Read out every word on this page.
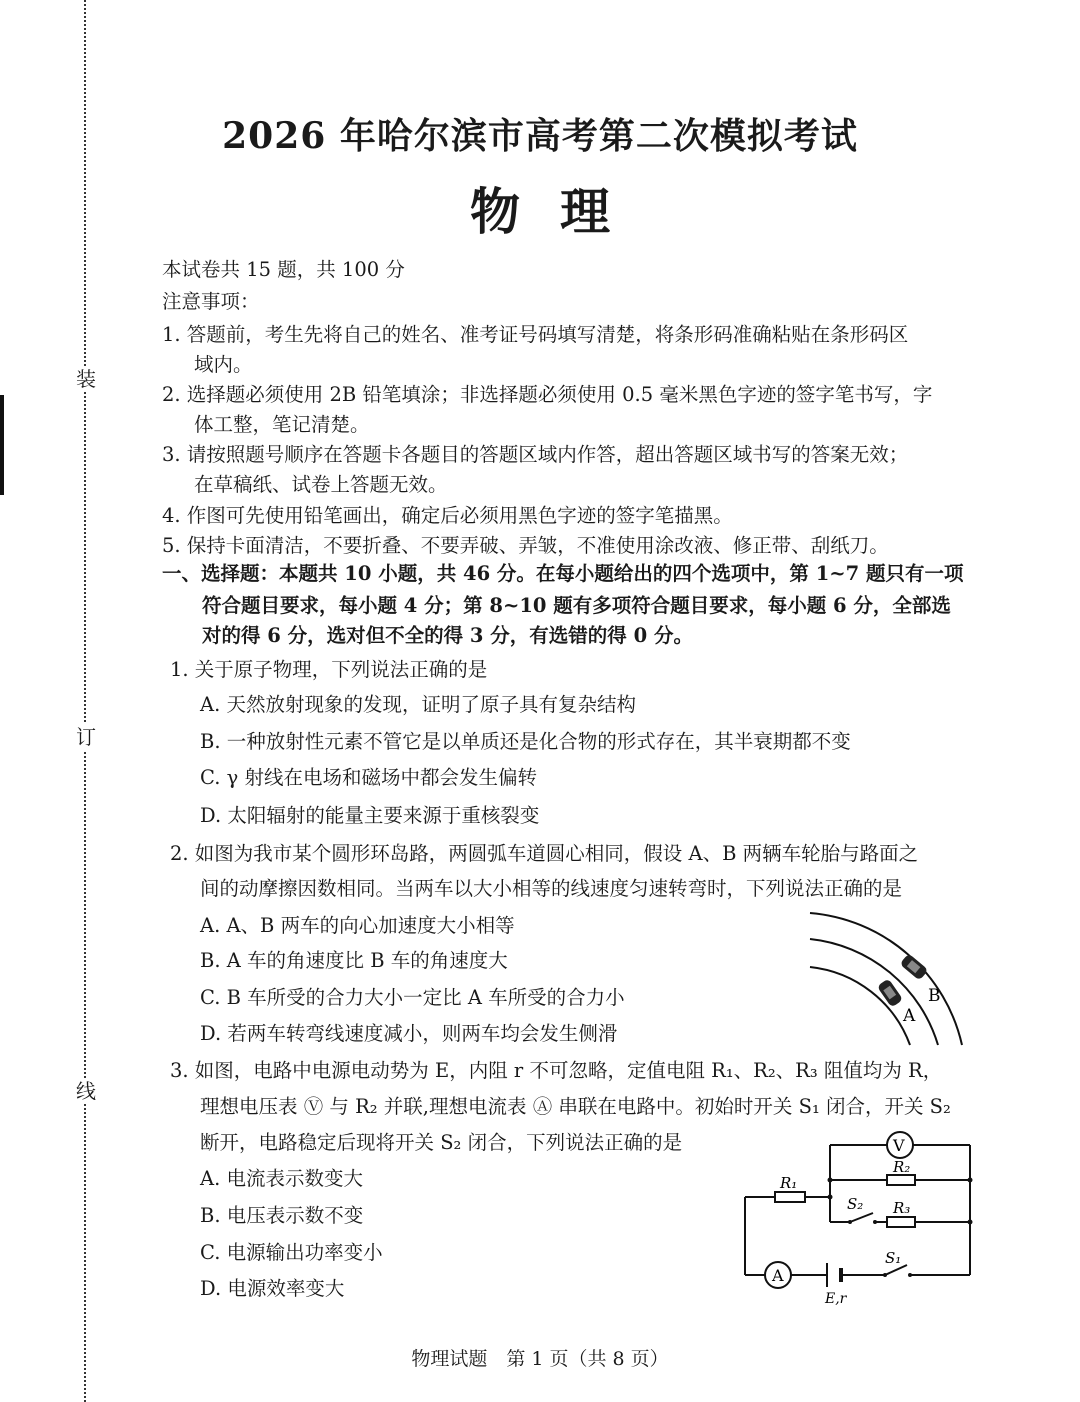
装
订
线
2026 年哈尔滨市高考第二次模拟考试
物理
本试卷共 15 题，共 100 分
注意事项：
1. 答题前，考生先将自己的姓名、准考证号码填写清楚，将条形码准确粘贴在条形码区
域内。
2. 选择题必须使用 2B 铅笔填涂；非选择题必须使用 0.5 毫米黑色字迹的签字笔书写，字
体工整，笔记清楚。
3. 请按照题号顺序在答题卡各题目的答题区域内作答，超出答题区域书写的答案无效；
在草稿纸、试卷上答题无效。
4. 作图可先使用铅笔画出，确定后必须用黑色字迹的签字笔描黑。
5. 保持卡面清洁，不要折叠、不要弄破、弄皱，不准使用涂改液、修正带、刮纸刀。
一、选择题：本题共 10 小题，共 46 分。在每小题给出的四个选项中，第 1~7 题只有一项
符合题目要求，每小题 4 分；第 8~10 题有多项符合题目要求，每小题 6 分，全部选
对的得 6 分，选对但不全的得 3 分，有选错的得 0 分。
1. 关于原子物理，下列说法正确的是
A. 天然放射现象的发现，证明了原子具有复杂结构
B. 一种放射性元素不管它是以单质还是化合物的形式存在，其半衰期都不变
C. γ 射线在电场和磁场中都会发生偏转
D. 太阳辐射的能量主要来源于重核裂变
2. 如图为我市某个圆形环岛路，两圆弧车道圆心相同，假设 A、B 两辆车轮胎与路面之
间的动摩擦因数相同。当两车以大小相等的线速度匀速转弯时，下列说法正确的是
A. A、B 两车的向心加速度大小相等
B. A 车的角速度比 B 车的角速度大
C. B 车所受的合力大小一定比 A 车所受的合力小
D. 若两车转弯线速度减小，则两车均会发生侧滑
B
A
3. 如图，电路中电源电动势为 E，内阻 r 不可忽略，定值电阻 R₁、R₂、R₃ 阻值均为 R，
理想电压表 Ⓥ 与 R₂ 并联,理想电流表 Ⓐ 串联在电路中。初始时开关 S₁ 闭合，开关 S₂
断开，电路稳定后现将开关 S₂ 闭合，下列说法正确的是
A. 电流表示数变大
B. 电压表示数不变
C. 电源输出功率变小
D. 电源效率变大
V
A
R₁
R₂
R₃
S₂
S₁
E,r
物理试题　第 1 页（共 8 页）
